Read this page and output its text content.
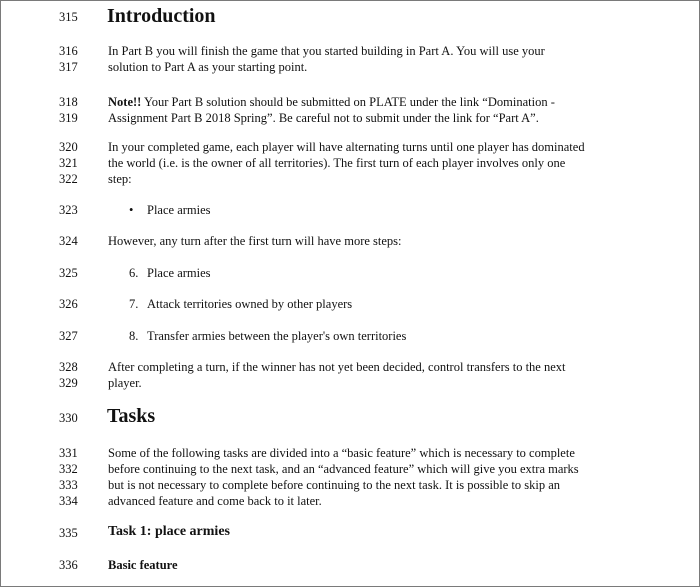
315 Introduction
316 In Part B you will finish the game that you started building in Part A. You will use your
317 solution to Part A as your starting point.
318 Note!! Your Part B solution should be submitted on PLATE under the link “Domination -
319 Assignment Part B 2018 Spring”. Be careful not to submit under the link for “Part A”.
320 In your completed game, each player will have alternating turns until one player has dominated
321 the world (i.e. is the owner of all territories). The first turn of each player involves only one
322 step:
323	• Place armies
324 However, any turn after the first turn will have more steps:
325	6. Place armies
326	7. Attack territories owned by other players
327	8. Transfer armies between the player's own territories
328 After completing a turn, if the winner has not yet been decided, control transfers to the next
329 player.
330 Tasks
331 Some of the following tasks are divided into a “basic feature” which is necessary to complete
332 before continuing to the next task, and an “advanced feature” which will give you extra marks
333 but is not necessary to complete before continuing to the next task. It is possible to skip an
334 advanced feature and come back to it later.
335 Task 1: place armies
336 Basic feature
